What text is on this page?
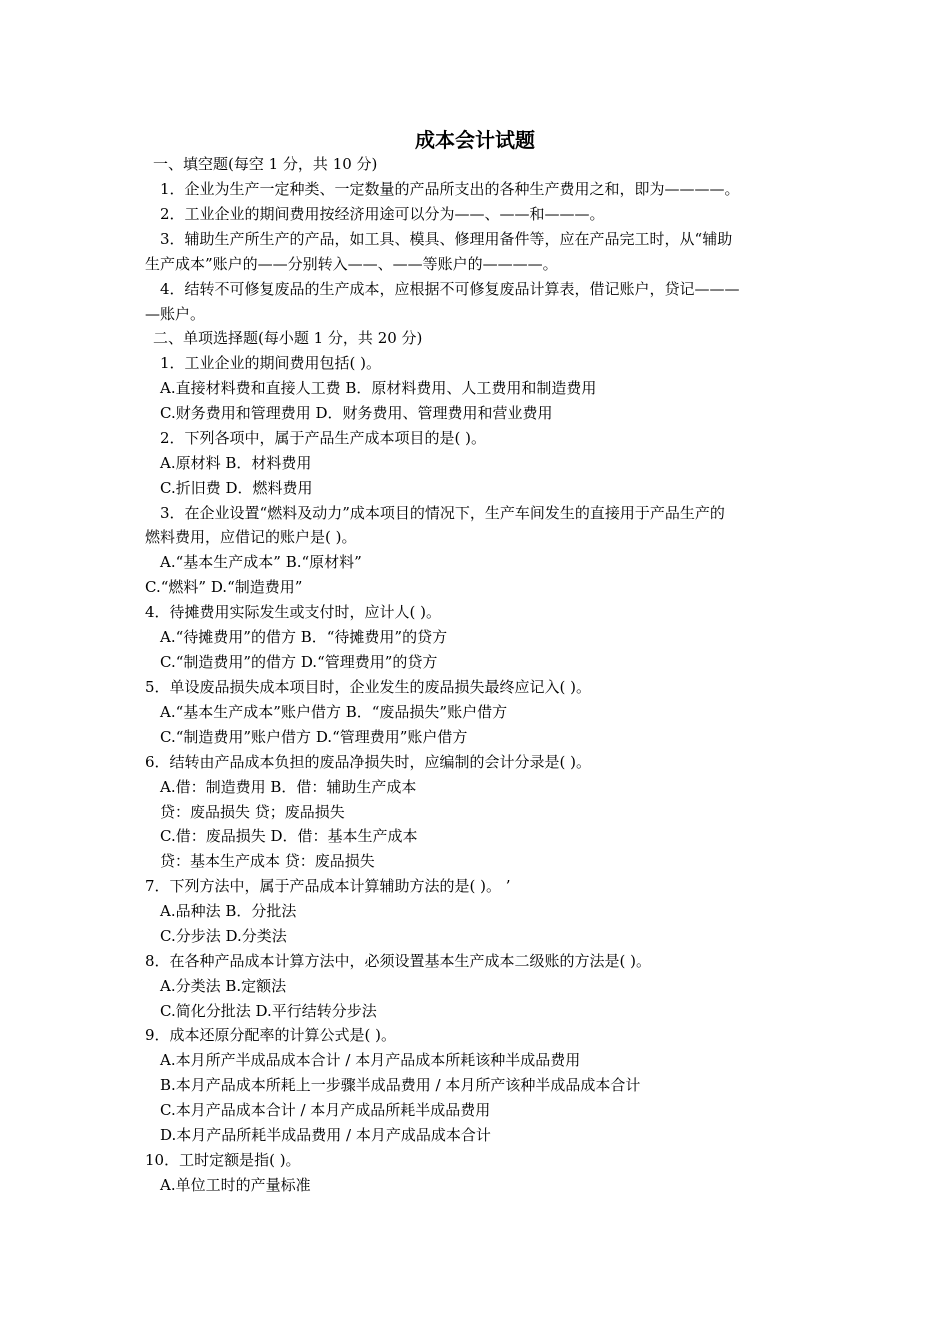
成本会计试题
一、填空题(每空 1 分，共 10 分)
1．企业为生产一定种类、一定数量的产品所支出的各种生产费用之和，即为————。
2．工业企业的期间费用按经济用途可以分为——、——和———。
3．辅助生产所生产的产品，如工具、模具、修理用备件等，应在产品完工时，从“辅助
生产成本”账户的——分别转入——、——等账户的————。
4．结转不可修复废品的生产成本，应根据不可修复废品计算表，借记账户，贷记———
—账户。
二、单项选择题(每小题 1 分，共 20 分)
1．工业企业的期间费用包括( )。
A.直接材料费和直接人工费 B．原材料费用、人工费用和制造费用
C.财务费用和管理费用 D．财务费用、管理费用和营业费用
2．下列各项中，属于产品生产成本项目的是( )。
A.原材料 B．材料费用
C.折旧费 D．燃料费用
3．在企业设置“燃料及动力”成本项目的情况下，生产车间发生的直接用于产品生产的
燃料费用，应借记的账户是( )。
A.“基本生产成本” B.“原材料”
C.“燃料” D.“制造费用”
4．待摊费用实际发生或支付时，应计人( )。
A.“待摊费用”的借方 B．“待摊费用”的贷方
C.“制造费用”的借方 D.“管理费用”的贷方
5．单设废品损失成本项目时，企业发生的废品损失最终应记入( )。
A.“基本生产成本”账户借方 B．“废品损失”账户借方
C.“制造费用”账户借方 D.“管理费用”账户借方
6．结转由产品成本负担的废品净损失时，应编制的会计分录是( )。
A.借：制造费用 B．借：辅助生产成本
贷：废品损失 贷；废品损失
C.借：废品损失 D．借：基本生产成本
贷：基本生产成本 贷：废品损失
7．下列方法中，属于产品成本计算辅助方法的是( )。 ’
A.品种法 B．分批法
C.分步法 D.分类法
8．在各种产品成本计算方法中，必须设置基本生产成本二级账的方法是( )。
A.分类法 B.定额法
C.简化分批法 D.平行结转分步法
9．成本还原分配率的计算公式是( )。
A.本月所产半成品成本合计 / 本月产品成本所耗该种半成品费用
B.本月产品成本所耗上一步骤半成品费用 / 本月所产该种半成品成本合计
C.本月产品成本合计 / 本月产成品所耗半成品费用
D.本月产品所耗半成品费用 / 本月产成品成本合计
10．工时定额是指( )。
A.单位工时的产量标准
